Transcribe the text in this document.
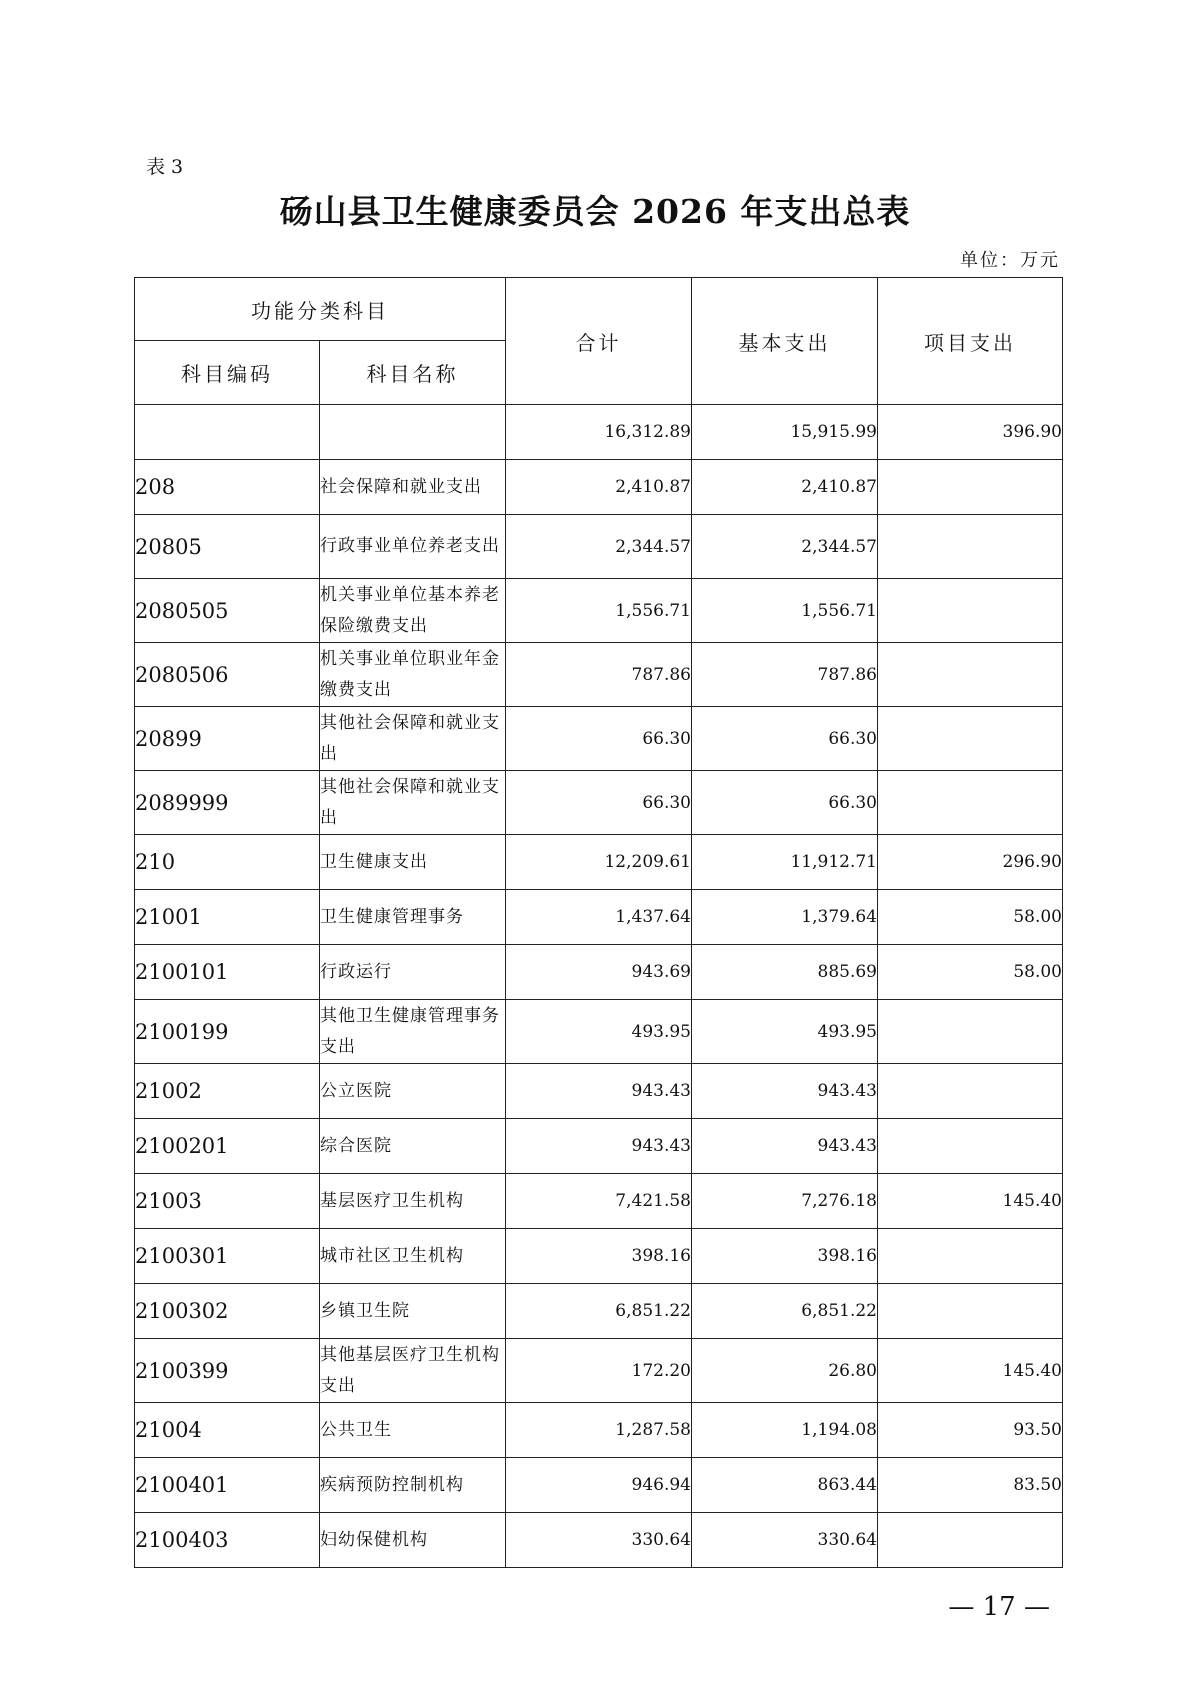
表 3
砀山县卫生健康委员会 2026 年支出总表
单位：万元
功能分类科目		合计	基本支出	项目支出
科目编码	科目名称			
		16,312.89	15,915.99	396.90
208	社会保障和就业支出	2,410.87	2,410.87	
20805	行政事业单位养老支出	2,344.57	2,344.57	
2080505	机关事业单位基本养老保险缴费支出	1,556.71	1,556.71	
2080506	机关事业单位职业年金缴费支出	787.86	787.86	
20899	其他社会保障和就业支出	66.30	66.30	
2089999	其他社会保障和就业支出	66.30	66.30	
210	卫生健康支出	12,209.61	11,912.71	296.90
21001	卫生健康管理事务	1,437.64	1,379.64	58.00
2100101	行政运行	943.69	885.69	58.00
2100199	其他卫生健康管理事务支出	493.95	493.95	
21002	公立医院	943.43	943.43	
2100201	综合医院	943.43	943.43	
21003	基层医疗卫生机构	7,421.58	7,276.18	145.40
2100301	城市社区卫生机构	398.16	398.16	
2100302	乡镇卫生院	6,851.22	6,851.22	
2100399	其他基层医疗卫生机构支出	172.20	26.80	145.40
21004	公共卫生	1,287.58	1,194.08	93.50
2100401	疾病预防控制机构	946.94	863.44	83.50
2100403	妇幼保健机构	330.64	330.64	
— 17 —
